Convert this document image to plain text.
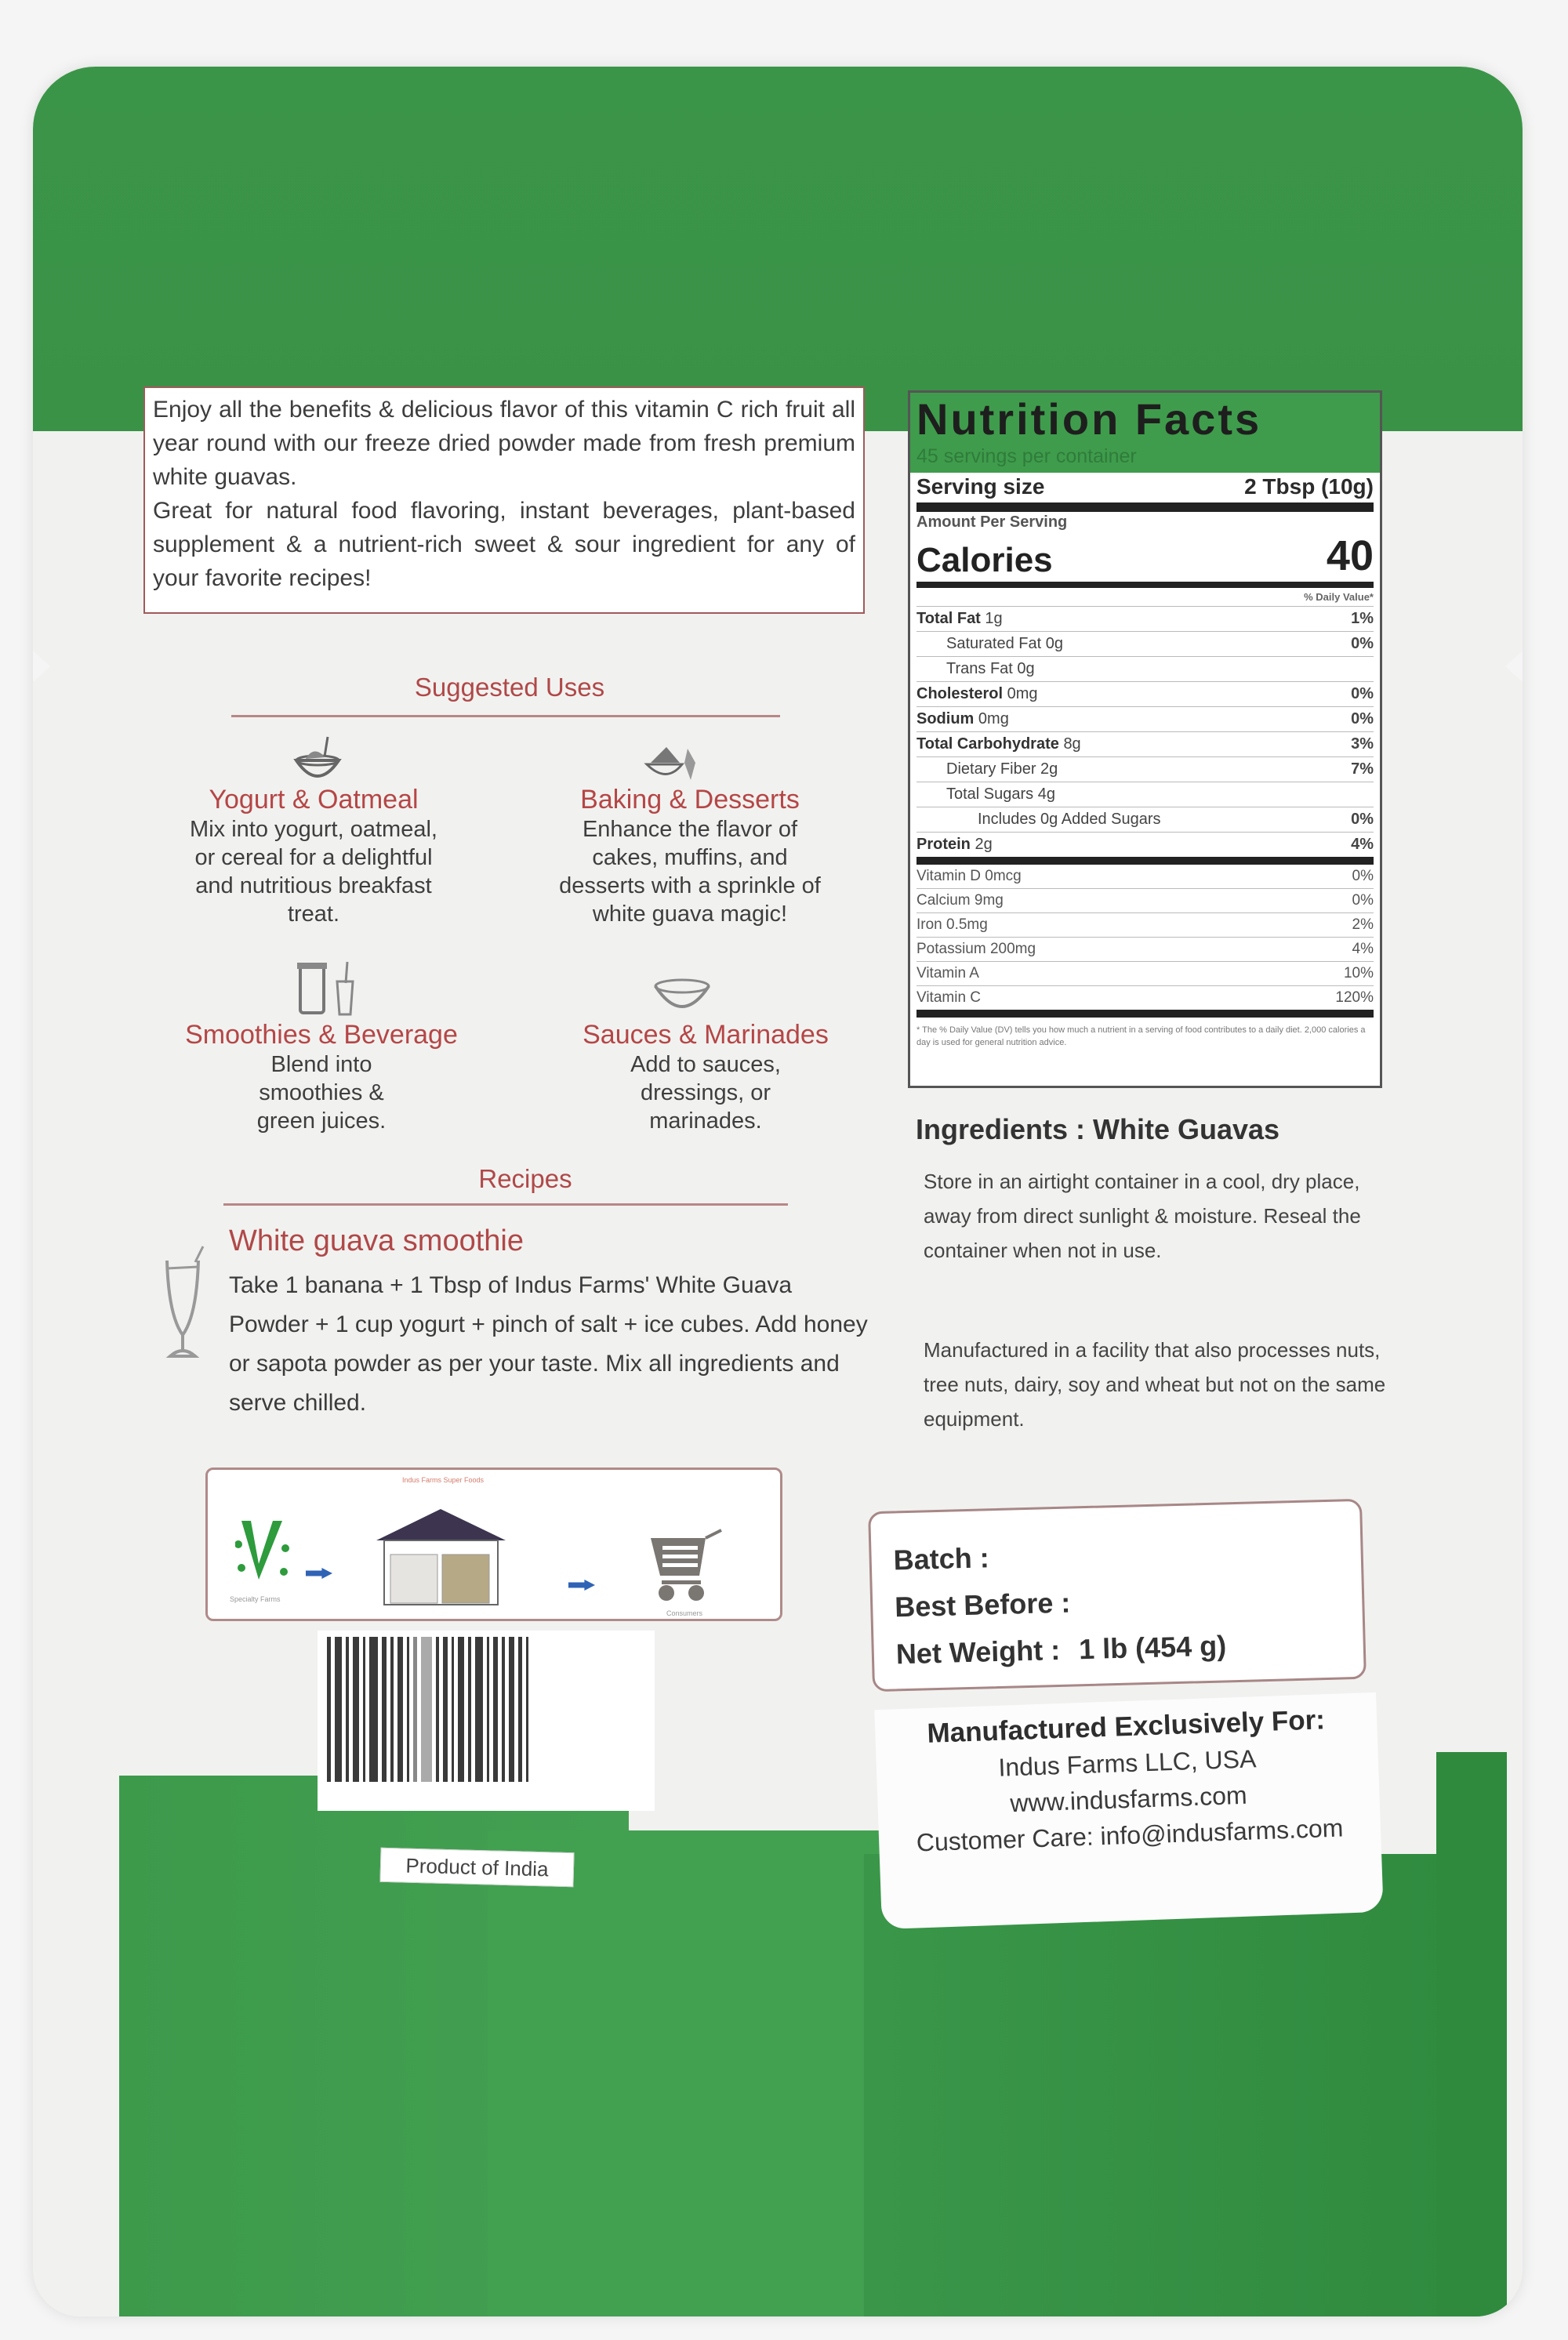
Enjoy all the benefits & delicious flavor of this vitamin C rich fruit all year round with our freeze dried powder made from fresh premium white guavas.

Great for natural food flavoring, instant beverages, plant-based supplement & a nutrient-rich sweet & sour ingredient for any of your favorite recipes!

Suggested Uses
Yogurt & Oatmeal
Mix into yogurt, oatmeal, or cereal for a delightful and nutritious breakfast treat.
Baking & Desserts
Enhance the flavor of cakes, muffins, and desserts with a sprinkle of white guava magic!
Smoothies & Beverage
Blend into smoothies & green juices.
Sauces & Marinades
Add to sauces, dressings, or marinades.
Recipes
White guava smoothie
Take 1 banana + 1 Tbsp of Indus Farms' White Guava Powder + 1 cup yogurt + pinch of salt + ice cubes. Add honey or sapota powder as per your taste. Mix all ingredients and serve chilled.
Specialty Farms
Indus Farms Super Foods
Consumers
Product of India
Nutrition Facts
45 servings per container
Serving size	2 Tbsp (10g)
Amount Per Serving
Calories	40
% Daily Value*
Total Fat 1g	1%
Saturated Fat 0g	0%
Trans Fat 0g
Cholesterol 0mg	0%
Sodium 0mg	0%
Total Carbohydrate 8g	3%
Dietary Fiber 2g	7%
Total Sugars 4g
Includes 0g Added Sugars	0%
Protein 2g	4%
Vitamin D 0mcg	0%
Calcium 9mg	0%
Iron 0.5mg	2%
Potassium 200mg	4%
Vitamin A	10%
Vitamin C	120%
* The % Daily Value (DV) tells you how much a nutrient in a serving of food contributes to a daily diet. 2,000 calories a day is used for general nutrition advice.
Ingredients : White Guavas
Store in an airtight container in a cool, dry place, away from direct sunlight & moisture. Reseal the container when not in use.
Manufactured in a facility that also processes nuts, tree nuts, dairy, soy and wheat but not on the same equipment.
Batch :
Best Before :
Net Weight : 1 lb (454 g)
Manufactured Exclusively For:
Indus Farms LLC, USA
www.indusfarms.com
Customer Care: info@indusfarms.com
